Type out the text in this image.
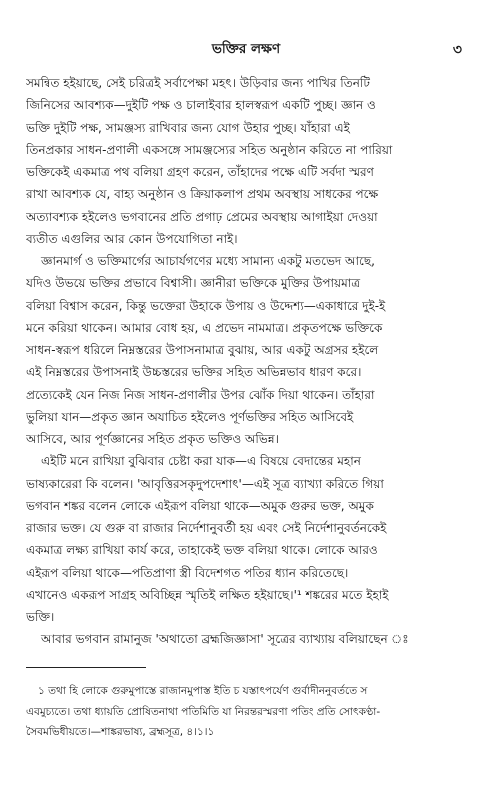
ভক্তির লক্ষণ	৩
সমন্বিত হইয়াছে, সেই চরিত্রই সর্বাপেক্ষা মহৎ। উড়িবার জন্য পাখির তিনটি
জিনিসের আবশ্যক—দুইটি পক্ষ ও চালাইবার হালস্বরূপ একটি পুচ্ছ। জ্ঞান ও
ভক্তি দুইটি পক্ষ, সামঞ্জস্য রাখিবার জন্য যোগ উহার পুচ্ছ। যাঁহারা এই
তিনপ্রকার সাধন-প্রণালী একসঙ্গে সামঞ্জস্যের সহিত অনুষ্ঠান করিতে না পারিয়া
ভক্তিকেই একমাত্র পথ বলিয়া গ্রহণ করেন, তাঁহাদের পক্ষে এটি সর্বদা স্মরণ
রাখা আবশ্যক যে, বাহ্য অনুষ্ঠান ও ক্রিয়াকলাপ প্রথম অবস্থায় সাধকের পক্ষে
অত্যাবশ্যক হইলেও ভগবানের প্রতি প্রগাঢ় প্রেমের অবস্থায় আগাইয়া দেওয়া
ব্যতীত এগুলির আর কোন উপযোগিতা নাই।
জ্ঞানমার্গ ও ভক্তিমার্গের আচার্যগণের মধ্যে সামান্য একটু মতভেদ আছে,
যদিও উভয়ে ভক্তির প্রভাবে বিশ্বাসী। জ্ঞানীরা ভক্তিকে মুক্তির উপায়মাত্র
বলিয়া বিশ্বাস করেন, কিন্তু ভক্তেরা উহাকে উপায় ও উদ্দেশ্য—একাধারে দুই-ই
মনে করিয়া থাকেন। আমার বোধ হয়, এ প্রভেদ নামমাত্র। প্রকৃতপক্ষে ভক্তিকে
সাধন-স্বরূপ ধরিলে নিম্নস্তরের উপাসনামাত্র বুঝায়, আর একটু অগ্রসর হইলে
এই নিম্নস্তরের উপাসনাই উচ্চস্তরের ভক্তির সহিত অভিন্নভাব ধারণ করে।
প্রত্যেকেই যেন নিজ নিজ সাধন-প্রণালীর উপর ঝোঁক দিয়া থাকেন। তাঁহারা
ভুলিয়া যান—প্রকৃত জ্ঞান অযাচিত হইলেও পূর্ণভক্তির সহিত আসিবেই
আসিবে, আর পূর্ণজ্ঞানের সহিত প্রকৃত ভক্তিও অভিন্ন।
এইটি মনে রাখিয়া বুঝিবার চেষ্টা করা যাক—এ বিষয়ে বেদান্তের মহান
ভাষ্যকারেরা কি বলেন। 'আবৃত্তিরসকৃদুপদেশাৎ'—এই সূত্র ব্যাখ্যা করিতে গিয়া
ভগবান শঙ্কর বলেন লোকে এইরূপ বলিয়া থাকে—অমুক গুরুর ভক্ত, অমুক
রাজার ভক্ত। যে গুরু বা রাজার নির্দেশানুবর্তী হয় এবং সেই নির্দেশানুবর্তনকেই
একমাত্র লক্ষ্য রাখিয়া কার্য করে, তাহাকেই ভক্ত বলিয়া থাকে। লোকে আরও
এইরূপ বলিয়া থাকে—পতিপ্রাণা স্ত্রী বিদেশগত পতির ধ্যান করিতেছে।
এখানেও একরূপ সাগ্রহ অবিচ্ছিন্ন স্মৃতিই লক্ষিত হইয়াছে।'¹ শঙ্করের মতে ইহাই
ভক্তি।
আবার ভগবান রামানুজ 'অথাতো ব্রহ্মজিজ্ঞাসা' সূত্রের ব্যাখ্যায় বলিয়াছেন ঃ
১ তথা হি লোকে গুরুমুপাস্তে রাজানমুপাস্ত ইতি চ যস্তাৎপর্যেণ গুর্বাদীননুবর্ততে স
এবমুচ্যতে। তথা ধ্যায়তি প্রোষিতনাথা পতিমিতি যা নিরন্তরস্মরণা পতিং প্রতি সোৎকণ্ঠা-
সৈবমভিধীয়তে।—শাঙ্করভাষ্য, ব্রহ্মসূত্র, ৪।১।১
